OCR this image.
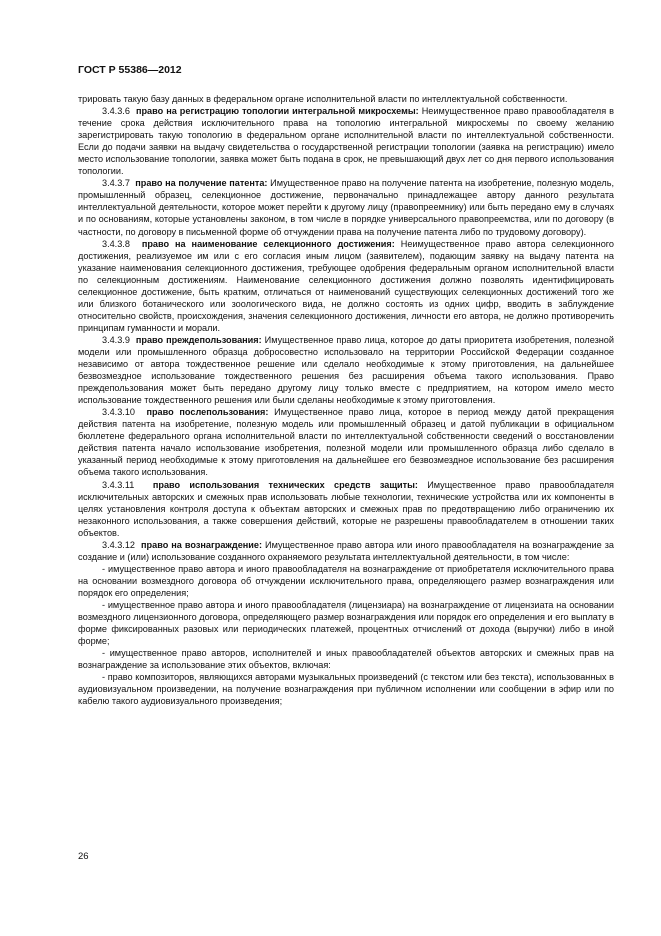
ГОСТ Р 55386—2012

трировать такую базу данных в федеральном органе исполнительной власти по интеллектуальной собственности.

3.4.3.6 право на регистрацию топологии интегральной микросхемы: Неимущественное право правообладателя в течение срока действия исключительного права на топологию интегральной микросхемы по своему желанию зарегистрировать такую топологию в федеральном органе исполнительной власти по интеллектуальной собственности. Если до подачи заявки на выдачу свидетельства о государственной регистрации топологии (заявка на регистрацию) имело место использование топологии, заявка может быть подана в срок, не превышающий двух лет со дня первого использования топологии.

3.4.3.7 право на получение патента: Имущественное право на получение патента на изобретение, полезную модель, промышленный образец, селекционное достижение, первоначально принадлежащее автору данного результата интеллектуальной деятельности, которое может перейти к другому лицу (правопреемнику) или быть передано ему в случаях и по основаниям, которые установлены законом, в том числе в порядке универсального правопреемства, или по договору (в частности, по договору в письменной форме об отчуждении права на получение патента либо по трудовому договору).

3.4.3.8 право на наименование селекционного достижения: Неимущественное право автора селекционного достижения, реализуемое им или с его согласия иным лицом (заявителем), подающим заявку на выдачу патента на указание наименования селекционного достижения, требующее одобрения федеральным органом исполнительной власти по селекционным достижениям. Наименование селекционного достижения должно позволять идентифицировать селекционное достижение, быть кратким, отличаться от наименований существующих селекционных достижений того же или близкого ботанического или зоологического вида, не должно состоять из одних цифр, вводить в заблуждение относительно свойств, происхождения, значения селекционного достижения, личности его автора, не должно противоречить принципам гуманности и морали.

3.4.3.9 право преждепользования: Имущественное право лица, которое до даты приоритета изобретения, полезной модели или промышленного образца добросовестно использовало на территории Российской Федерации созданное независимо от автора тождественное решение или сделало необходимые к этому приготовления, на дальнейшее безвозмездное использование тождественного решения без расширения объема такого использования. Право преждепользования может быть передано другому лицу только вместе с предприятием, на котором имело место использование тождественного решения или были сделаны необходимые к этому приготовления.

3.4.3.10 право послепользования: Имущественное право лица, которое в период между датой прекращения действия патента на изобретение, полезную модель или промышленный образец и датой публикации в официальном бюллетене федерального органа исполнительной власти по интеллектуальной собственности сведений о восстановлении действия патента начало использование изобретения, полезной модели или промышленного образца либо сделало в указанный период необходимые к этому приготовления на дальнейшее его безвозмездное использование без расширения объема такого использования.

3.4.3.11 право использования технических средств защиты: Имущественное право правообладателя исключительных авторских и смежных прав использовать любые технологии, технические устройства или их компоненты в целях установления контроля доступа к объектам авторских и смежных прав по предотвращению либо ограничению их незаконного использования, а также совершения действий, которые не разрешены правообладателем в отношении таких объектов.

3.4.3.12 право на вознаграждение: Имущественное право автора или иного правообладателя на вознаграждение за создание и (или) использование созданного охраняемого результата интеллектуальной деятельности, в том числе:

- имущественное право автора и иного правообладателя на вознаграждение от приобретателя исключительного права на основании возмездного договора об отчуждении исключительного права, определяющего размер вознаграждения или порядок его определения;

- имущественное право автора и иного правообладателя (лицензиара) на вознаграждение от лицензиата на основании возмездного лицензионного договора, определяющего размер вознаграждения или порядок его определения и его выплату в форме фиксированных разовых или периодических платежей, процентных отчислений от дохода (выручки) либо в иной форме;

- имущественное право авторов, исполнителей и иных правообладателей объектов авторских и смежных прав на вознаграждение за использование этих объектов, включая:

- право композиторов, являющихся авторами музыкальных произведений (с текстом или без текста), использованных в аудиовизуальном произведении, на получение вознаграждения при публичном исполнении или сообщении в эфир или по кабелю такого аудиовизуального произведения;

26
